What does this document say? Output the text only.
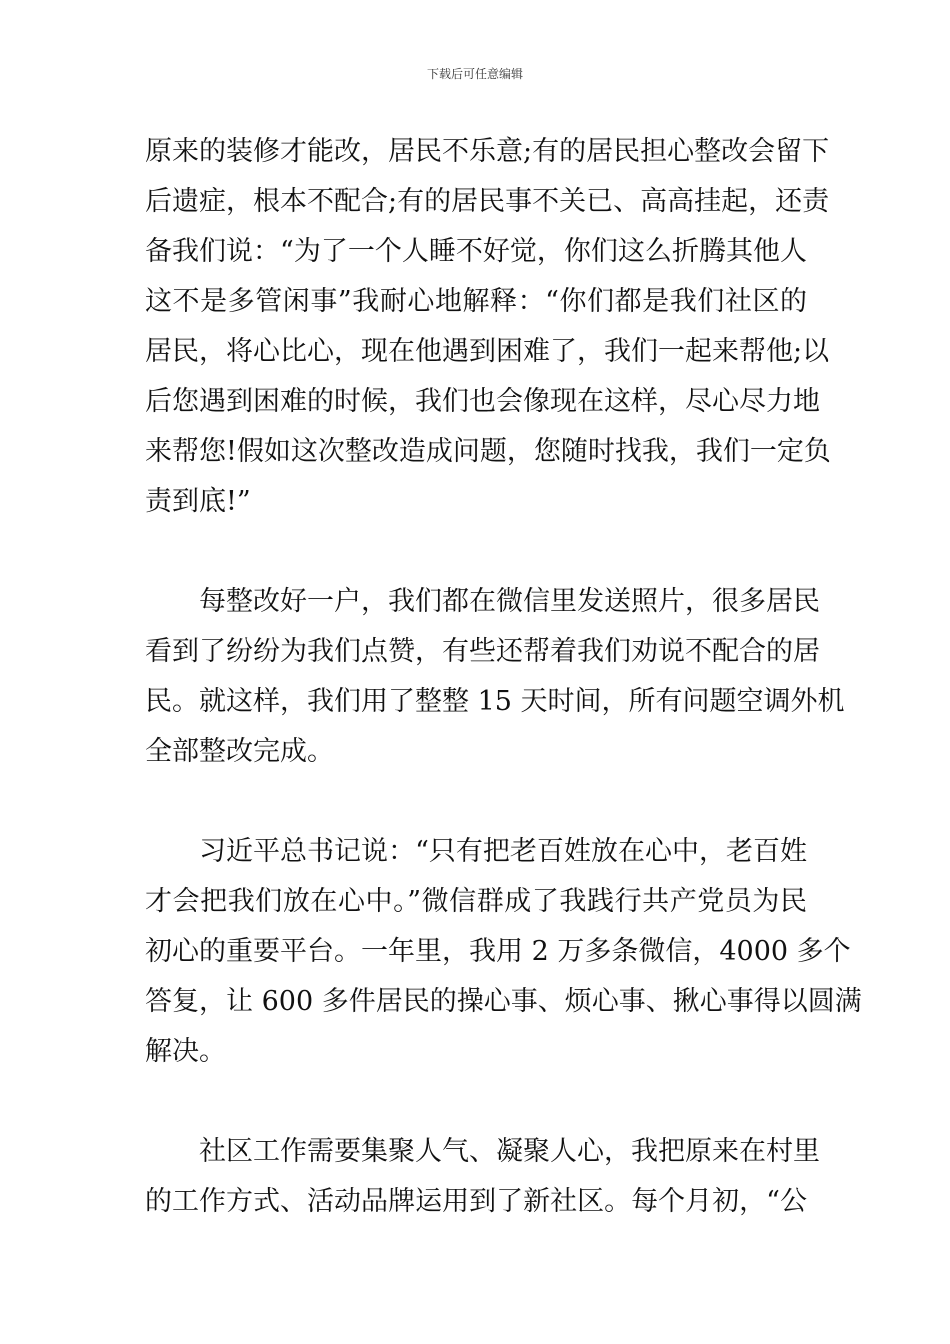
下载后可任意编辑
原来的装修才能改，居民不乐意;有的居民担心整改会留下
后遗症，根本不配合;有的居民事不关已、高高挂起，还责
备我们说：“为了一个人睡不好觉，你们这么折腾其他人
这不是多管闲事”我耐心地解释：“你们都是我们社区的
居民，将心比心，现在他遇到困难了，我们一起来帮他;以
后您遇到困难的时候，我们也会像现在这样，尽心尽力地
来帮您!假如这次整改造成问题，您随时找我，我们一定负
责到底!”
　　每整改好一户，我们都在微信里发送照片，很多居民
看到了纷纷为我们点赞，有些还帮着我们劝说不配合的居
民。就这样，我们用了整整 15 天时间，所有问题空调外机
全部整改完成。
　　习近平总书记说：“只有把老百姓放在心中，老百姓
才会把我们放在心中。”微信群成了我践行共产党员为民
初心的重要平台。一年里，我用 2 万多条微信，4000 多个
答复，让 600 多件居民的操心事、烦心事、揪心事得以圆满
解决。
　　社区工作需要集聚人气、凝聚人心，我把原来在村里
的工作方式、活动品牌运用到了新社区。每个月初，“公
